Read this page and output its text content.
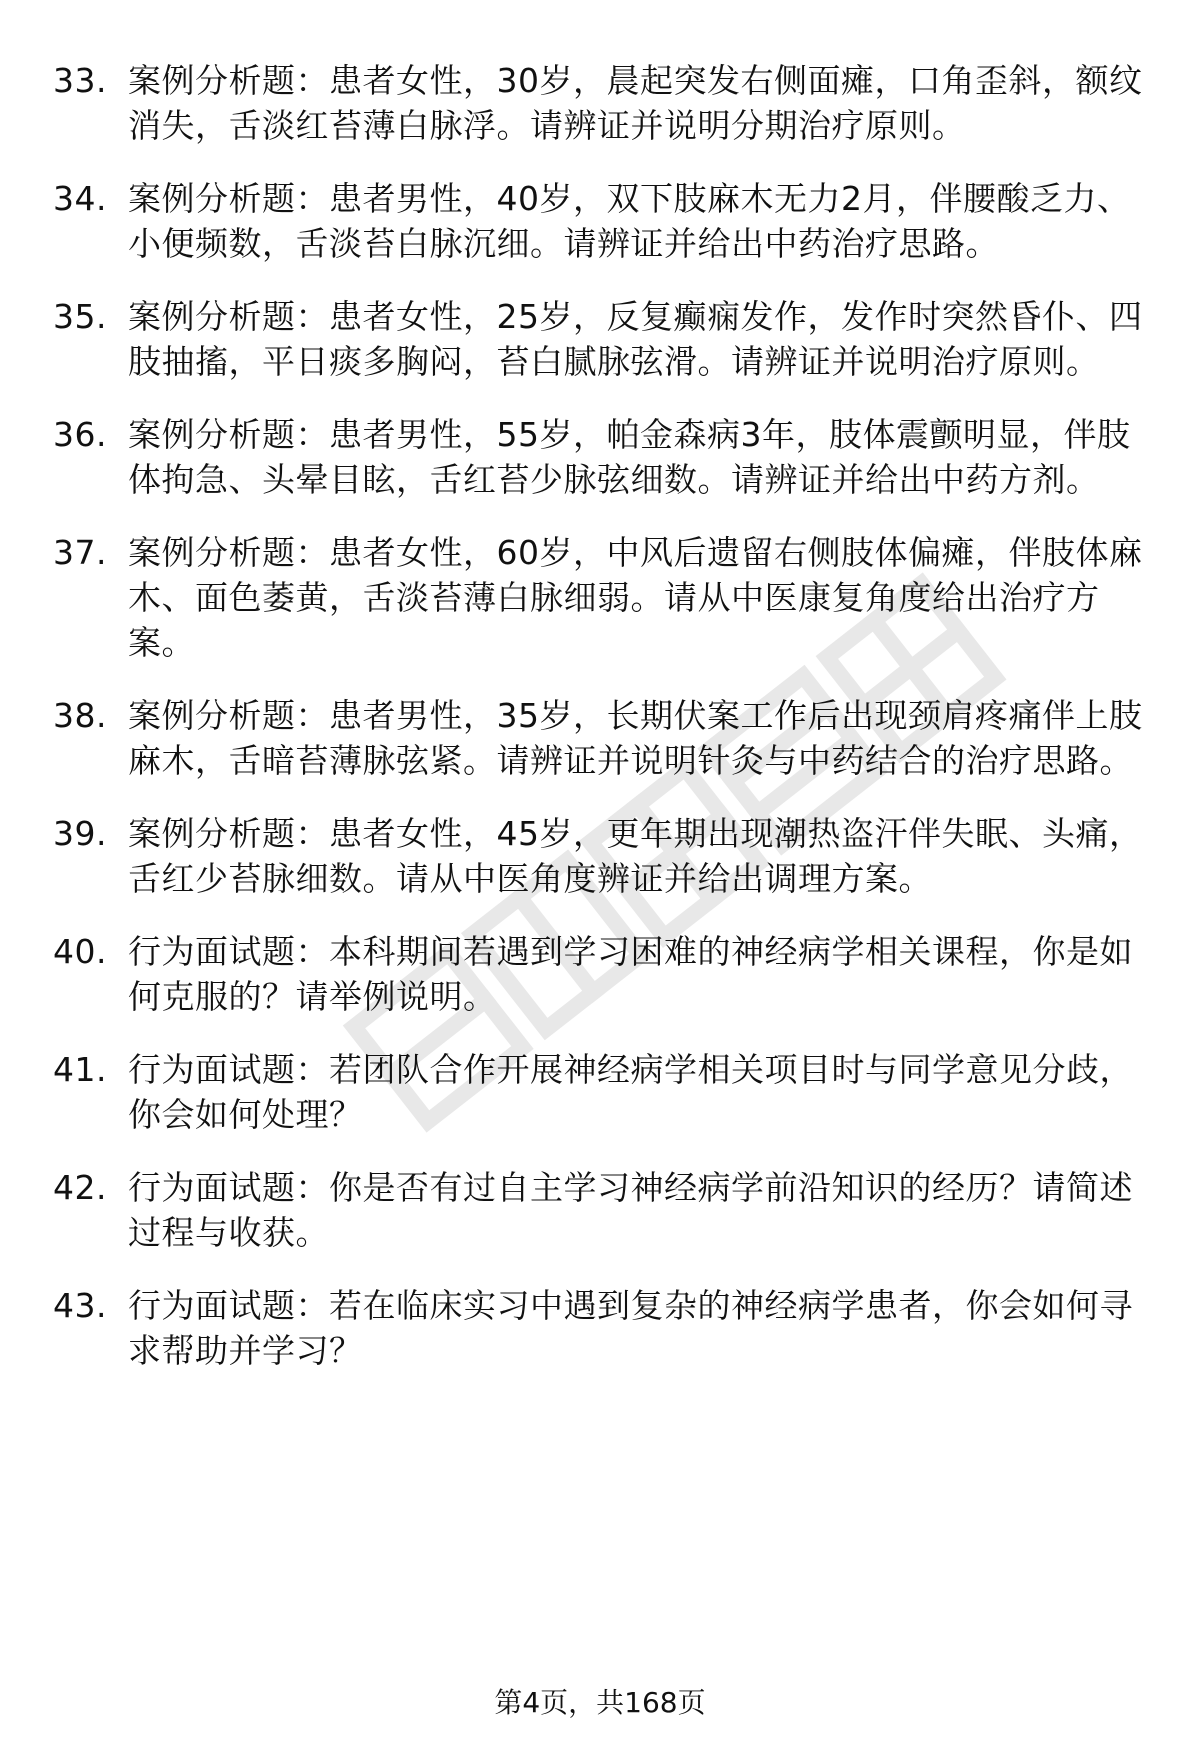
33. 案例分析题：患者女性，30岁，晨起突发右侧面瘫，口角歪斜，额纹消失，舌淡红苔薄白脉浮。请辨证并说明分期治疗原则。
34. 案例分析题：患者男性，40岁，双下肢麻木无力2月，伴腰酸乏力、小便频数，舌淡苔白脉沉细。请辨证并给出中药治疗思路。
35. 案例分析题：患者女性，25岁，反复癫痫发作，发作时突然昏仆、四肢抽搐，平日痰多胸闷，苔白腻脉弦滑。请辨证并说明治疗原则。
36. 案例分析题：患者男性，55岁，帕金森病3年，肢体震颤明显，伴肢体拘急、头晕目眩，舌红苔少脉弦细数。请辨证并给出中药方剂。
37. 案例分析题：患者女性，60岁，中风后遗留右侧肢体偏瘫，伴肢体麻木、面色萎黄，舌淡苔薄白脉细弱。请从中医康复角度给出治疗方案。
38. 案例分析题：患者男性，35岁，长期伏案工作后出现颈肩疼痛伴上肢麻木，舌暗苔薄脉弦紧。请辨证并说明针灸与中药结合的治疗思路。
39. 案例分析题：患者女性，45岁，更年期出现潮热盗汗伴失眠、头痛，舌红少苔脉细数。请从中医角度辨证并给出调理方案。
40. 行为面试题：本科期间若遇到学习困难的神经病学相关课程，你是如何克服的？请举例说明。
41. 行为面试题：若团队合作开展神经病学相关项目时与同学意见分歧，你会如何处理？
42. 行为面试题：你是否有过自主学习神经病学前沿知识的经历？请简述过程与收获。
43. 行为面试题：若在临床实习中遇到复杂的神经病学患者，你会如何寻求帮助并学习？
第4页，共168页
